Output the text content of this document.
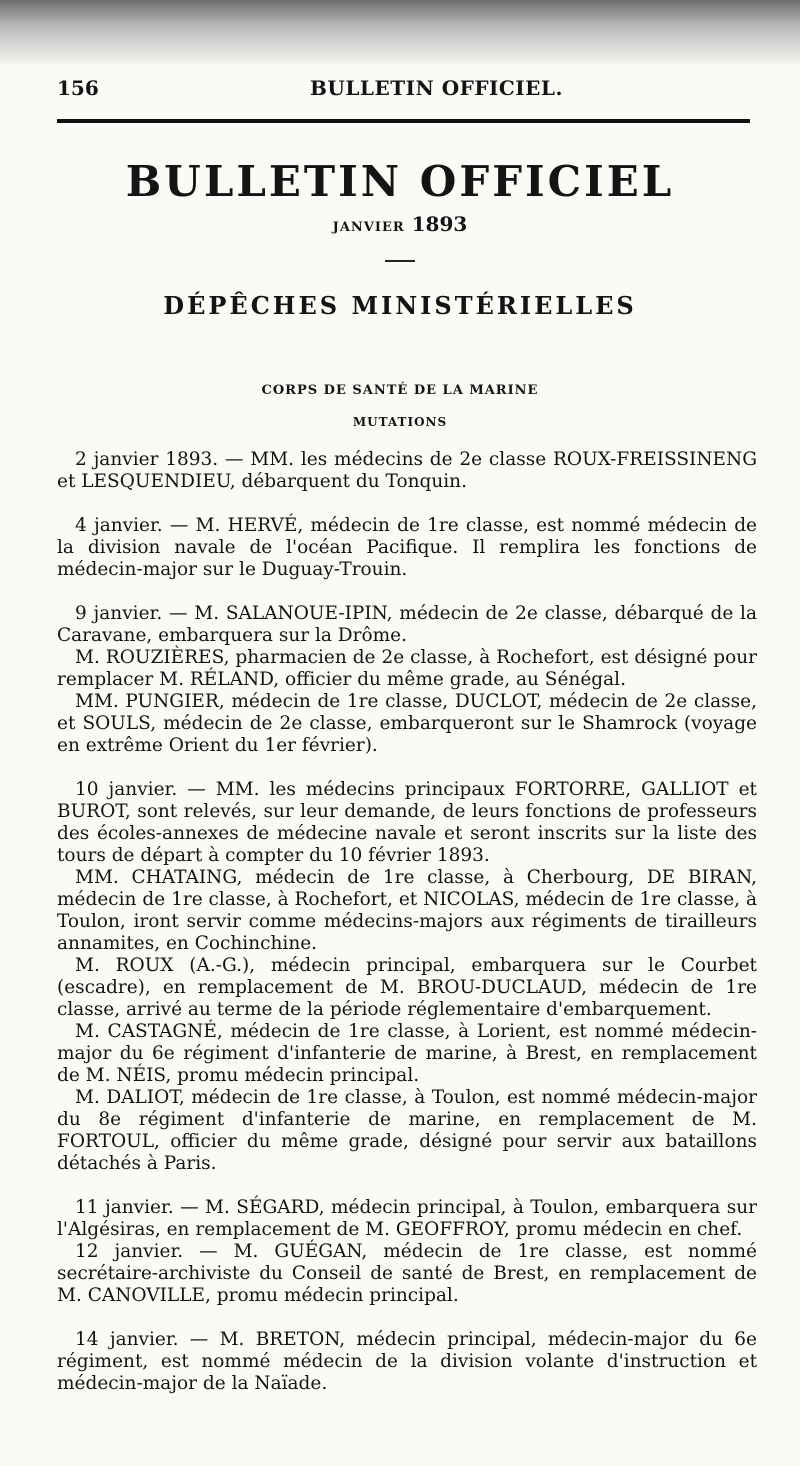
156	BULLETIN OFFICIEL.
BULLETIN OFFICIEL
JANVIER 1893
DÉPÊCHES MINISTÉRIELLES
CORPS DE SANTÉ DE LA MARINE
MUTATIONS

2 janvier 1893. — MM. les médecins de 2e classe ROUX-FREISSINENG et LESQUENDIEU, débarquent du Tonquin.

4 janvier. — M. HERVÉ, médecin de 1re classe, est nommé médecin de la division navale de l'océan Pacifique. Il remplira les fonctions de médecin-major sur le Duguay-Trouin.

9 janvier. — M. SALANOUE-IPIN, médecin de 2e classe, débarqué de la Caravane, embarquera sur la Drôme.

M. ROUZIÈRES, pharmacien de 2e classe, à Rochefort, est désigné pour remplacer M. RÉLAND, officier du même grade, au Sénégal.

MM. PUNGIER, médecin de 1re classe, DUCLOT, médecin de 2e classe, et SOULS, médecin de 2e classe, embarqueront sur le Shamrock (voyage en extrême Orient du 1er février).

10 janvier. — MM. les médecins principaux FORTORRE, GALLIOT et BUROT, sont relevés, sur leur demande, de leurs fonctions de professeurs des écoles-annexes de médecine navale et seront inscrits sur la liste des tours de départ à compter du 10 février 1893.

MM. CHATAING, médecin de 1re classe, à Cherbourg, DE BIRAN, médecin de 1re classe, à Rochefort, et NICOLAS, médecin de 1re classe, à Toulon, iront servir comme médecins-majors aux régiments de tirailleurs annamites, en Cochinchine.

M. ROUX (A.-G.), médecin principal, embarquera sur le Courbet (escadre), en remplacement de M. BROU-DUCLAUD, médecin de 1re classe, arrivé au terme de la période réglementaire d'embarquement.

M. CASTAGNÉ, médecin de 1re classe, à Lorient, est nommé médecin-major du 6e régiment d'infanterie de marine, à Brest, en remplacement de M. NÉIS, promu médecin principal.

M. DALIOT, médecin de 1re classe, à Toulon, est nommé médecin-major du 8e régiment d'infanterie de marine, en remplacement de M. FORTOUL, officier du même grade, désigné pour servir aux bataillons détachés à Paris.

11 janvier. — M. SÉGARD, médecin principal, à Toulon, embarquera sur l'Algésiras, en remplacement de M. GEOFFROY, promu médecin en chef.

12 janvier. — M. GUÉGAN, médecin de 1re classe, est nommé secrétaire-archiviste du Conseil de santé de Brest, en remplacement de M. CANOVILLE, promu médecin principal.

14 janvier. — M. BRETON, médecin principal, médecin-major du 6e régiment, est nommé médecin de la division volante d'instruction et médecin-major de la Naïade.
